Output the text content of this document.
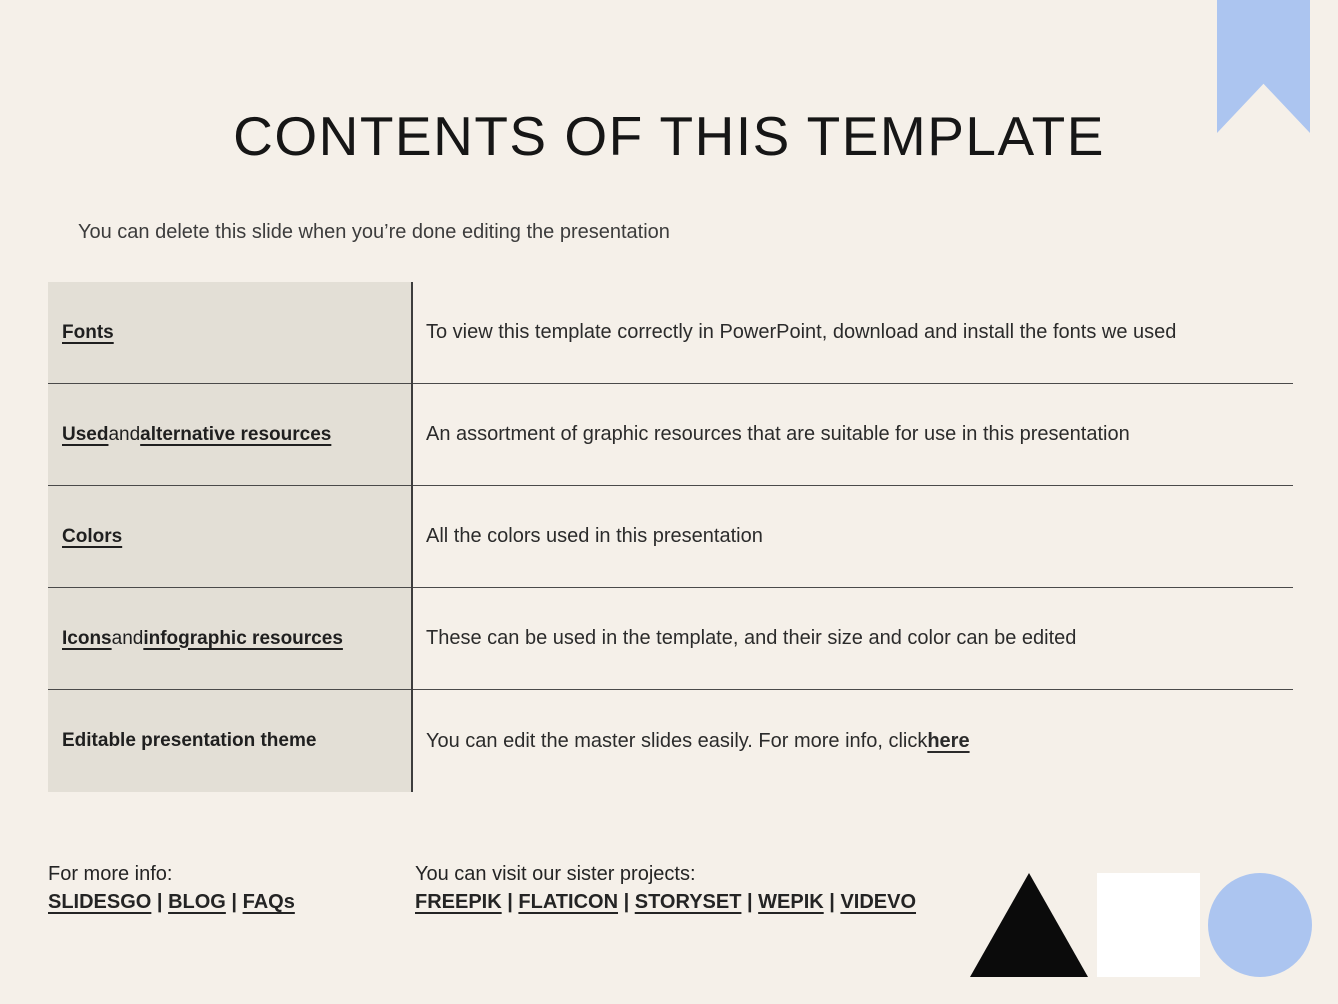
CONTENTS OF THIS TEMPLATE

You can delete this slide when you’re done editing the presentation

Fonts	To view this template correctly in PowerPoint, download and install the fonts we used
Used and alternative resources	An assortment of graphic resources that are suitable for use in this presentation
Colors	All the colors used in this presentation
Icons and infographic resources	These can be used in the template, and their size and color can be edited
Editable presentation theme	You can edit the master slides easily. For more info, click here
For more info:
SLIDESGO | BLOG | FAQs
You can visit our sister projects:
FREEPIK | FLATICON | STORYSET | WEPIK | VIDEVO
